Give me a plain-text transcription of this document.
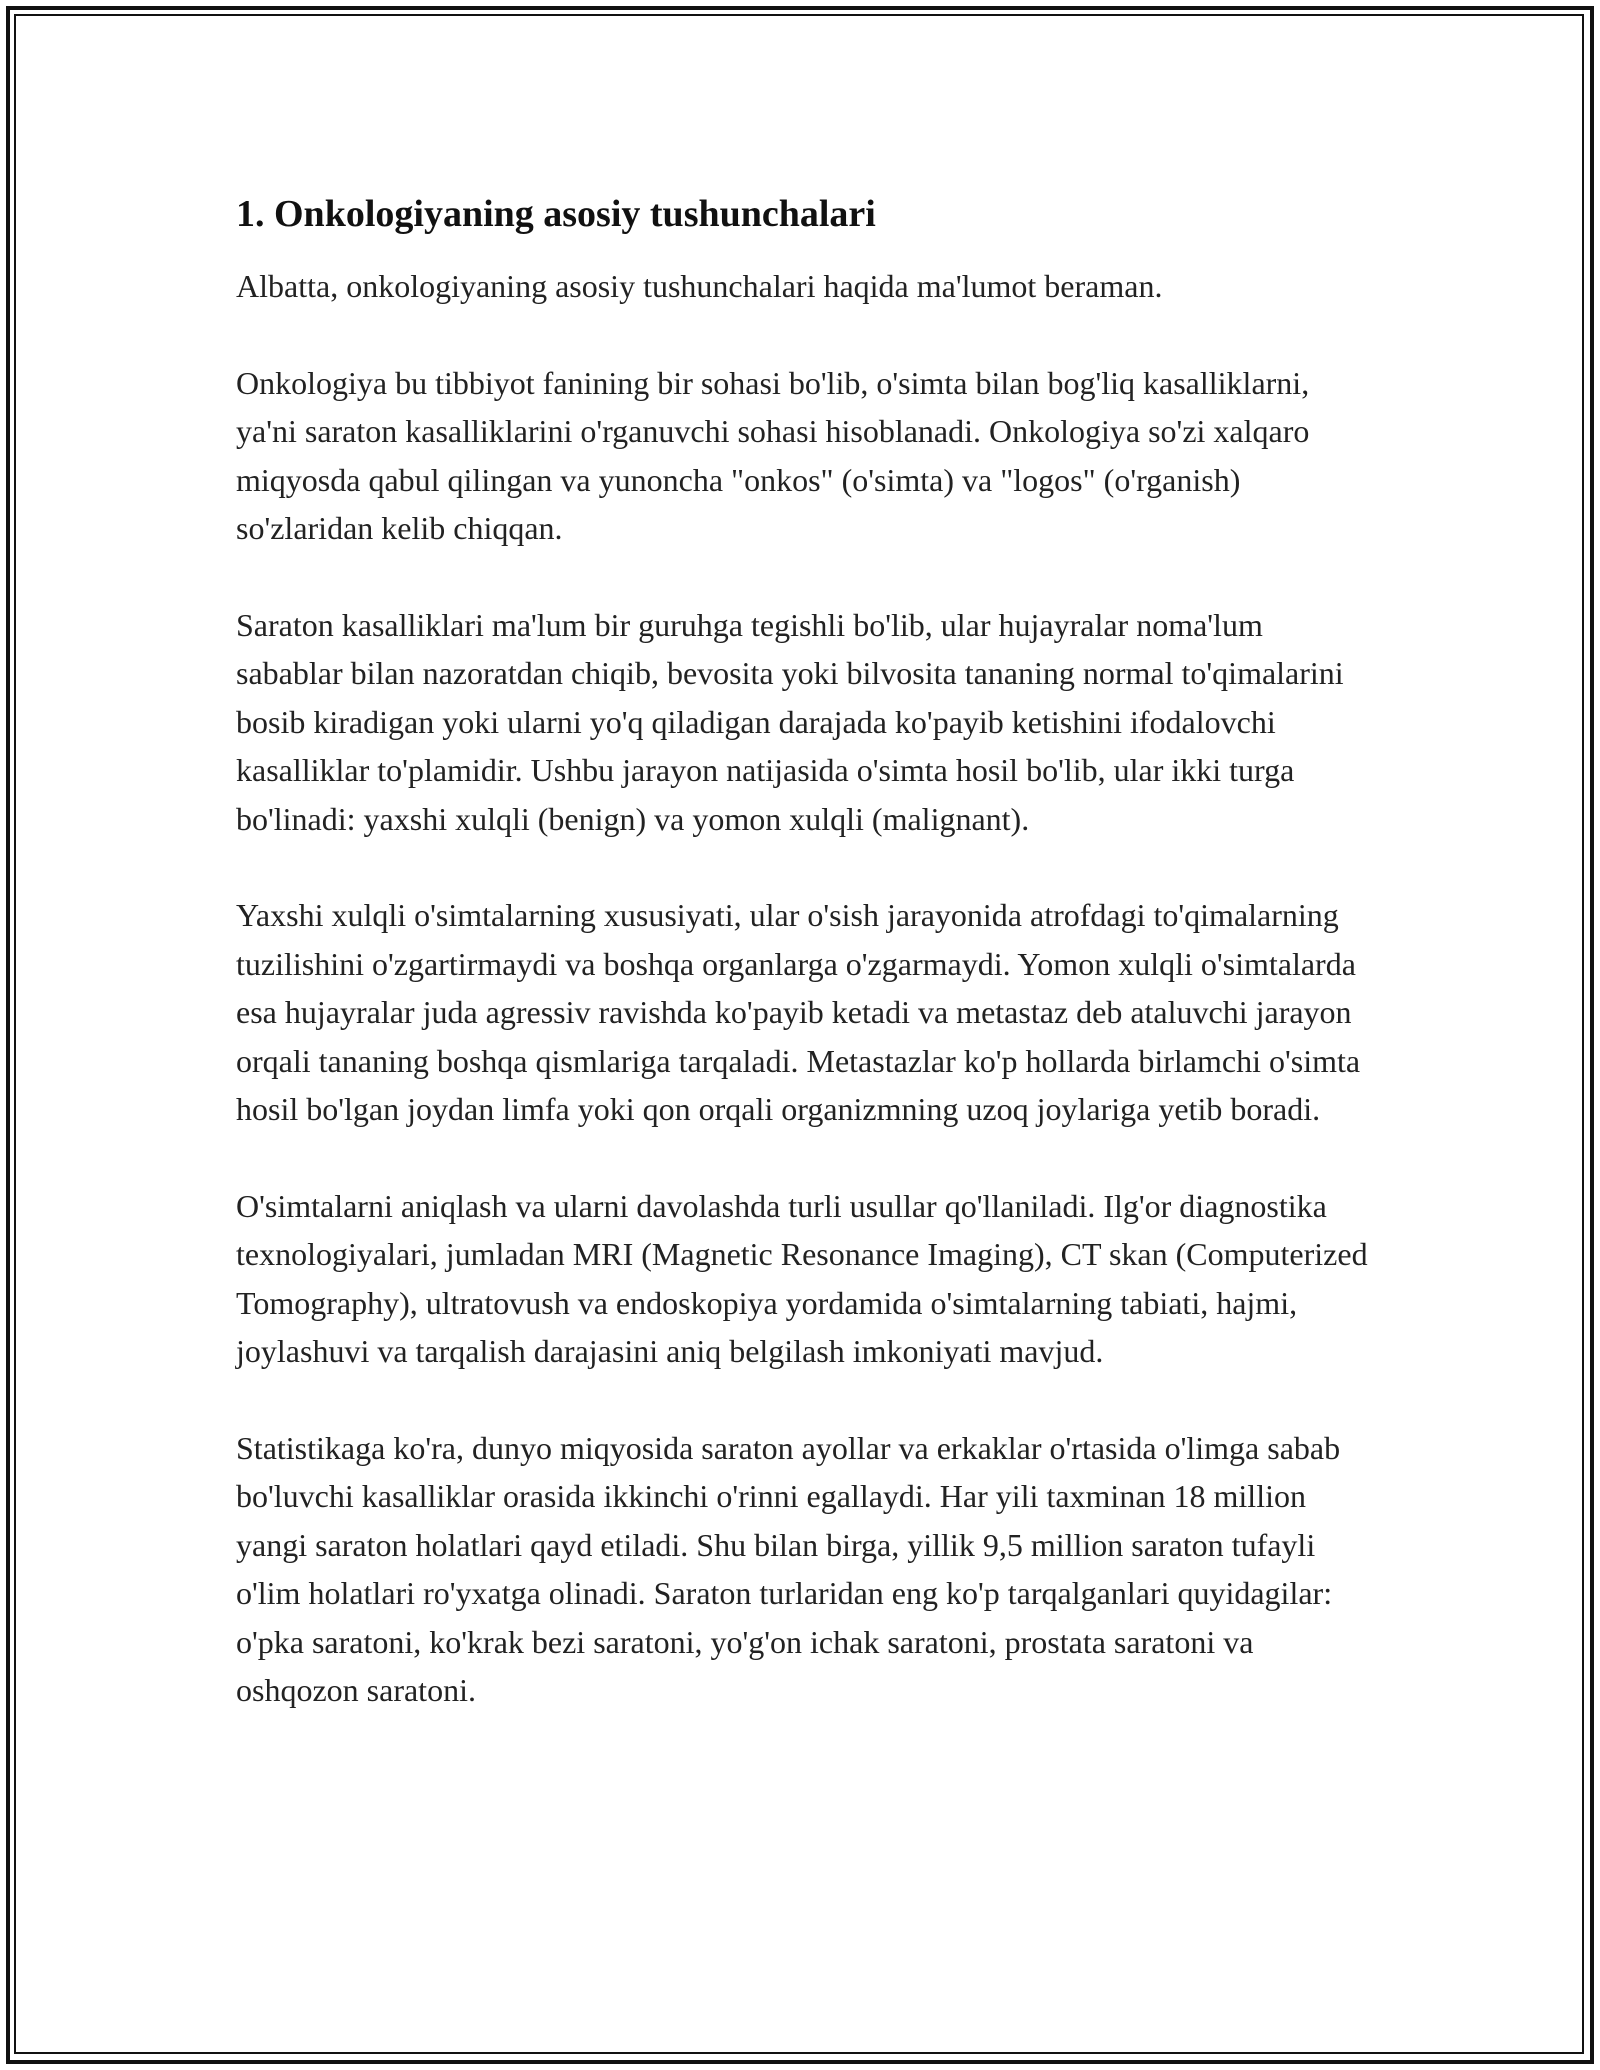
1. Onkologiyaning asosiy tushunchalari

Albatta, onkologiyaning asosiy tushunchalari haqida ma'lumot beraman.

Onkologiya bu tibbiyot fanining bir sohasi bo'lib, o'simta bilan bog'liq kasalliklarni, ya'ni saraton kasalliklarini o'rganuvchi sohasi hisoblanadi. Onkologiya so'zi xalqaro miqyosda qabul qilingan va yunoncha "onkos" (o'simta) va "logos" (o'rganish) so'zlaridan kelib chiqqan.

Saraton kasalliklari ma'lum bir guruhga tegishli bo'lib, ular hujayralar noma'lum sabablar bilan nazoratdan chiqib, bevosita yoki bilvosita tananing normal to'qimalarini bosib kiradigan yoki ularni yo'q qiladigan darajada ko'payib ketishini ifodalovchi kasalliklar to'plamidir. Ushbu jarayon natijasida o'simta hosil bo'lib, ular ikki turga bo'linadi: yaxshi xulqli (benign) va yomon xulqli (malignant).

Yaxshi xulqli o'simtalarning xususiyati, ular o'sish jarayonida atrofdagi to'qimalarning tuzilishini o'zgartirmaydi va boshqa organlarga o'zgarmaydi. Yomon xulqli o'simtalarda esa hujayralar juda agressiv ravishda ko'payib ketadi va metastaz deb ataluvchi jarayon orqali tananing boshqa qismlariga tarqaladi. Metastazlar ko'p hollarda birlamchi o'simta hosil bo'lgan joydan limfa yoki qon orqali organizmning uzoq joylariga yetib boradi.

O'simtalarni aniqlash va ularni davolashda turli usullar qo'llaniladi. Ilg'or diagnostika texnologiyalari, jumladan MRI (Magnetic Resonance Imaging), CT skan (Computerized Tomography), ultratovush va endoskopiya yordamida o'simtalarning tabiati, hajmi, joylashuvi va tarqalish darajasini aniq belgilash imkoniyati mavjud.

Statistikaga ko'ra, dunyo miqyosida saraton ayollar va erkaklar o'rtasida o'limga sabab bo'luvchi kasalliklar orasida ikkinchi o'rinni egallaydi. Har yili taxminan 18 million yangi saraton holatlari qayd etiladi. Shu bilan birga, yillik 9,5 million saraton tufayli o'lim holatlari ro'yxatga olinadi. Saraton turlaridan eng ko'p tarqalganlari quyidagilar: o'pka saratoni, ko'krak bezi saratoni, yo'g'on ichak saratoni, prostata saratoni va oshqozon saratoni.
